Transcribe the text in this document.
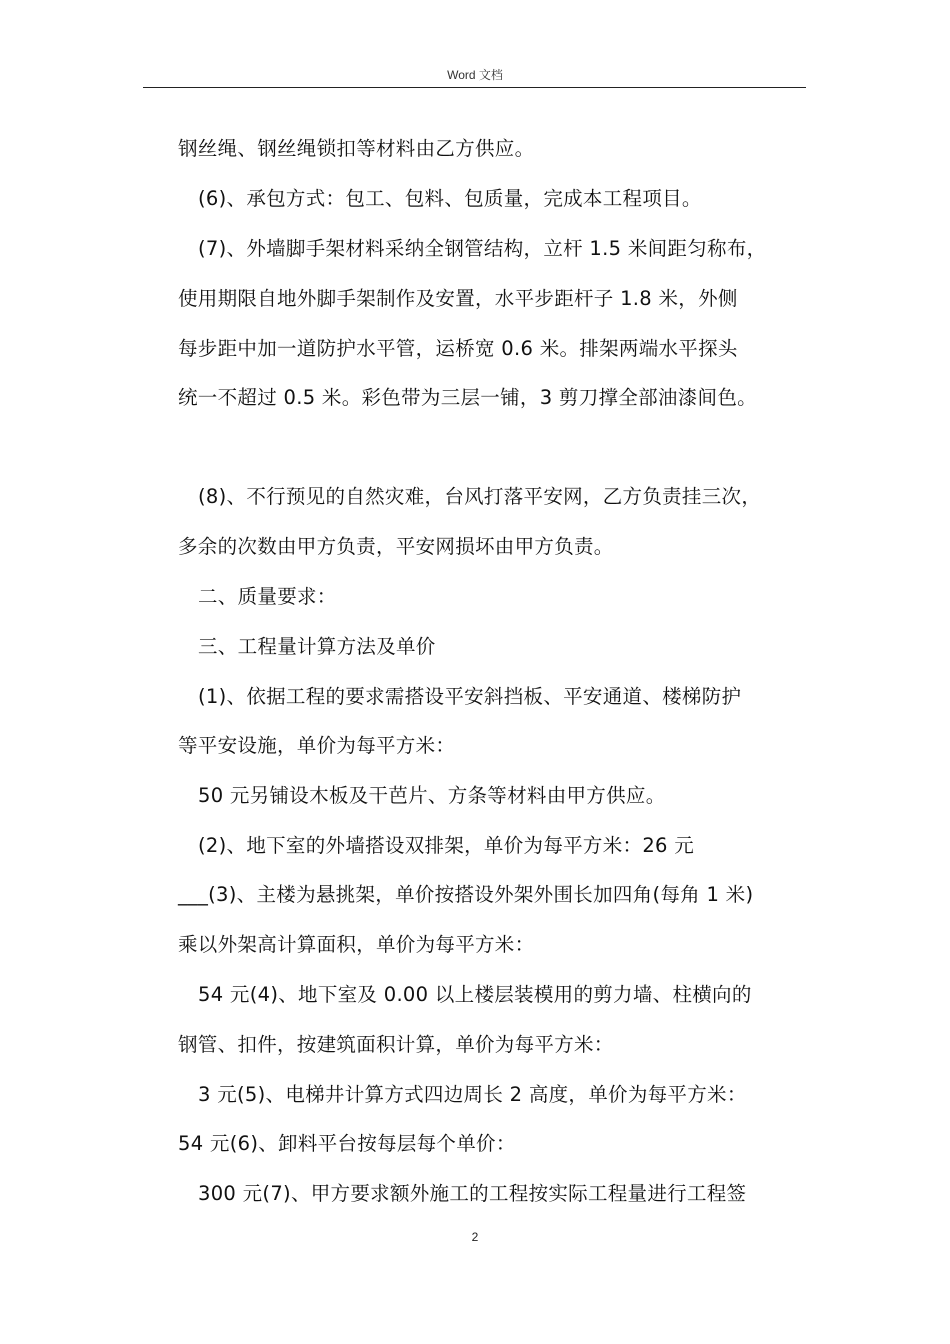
Word 文档
钢丝绳、钢丝绳锁扣等材料由乙方供应。
(6)、承包方式：包工、包料、包质量，完成本工程项目。
(7)、外墙脚手架材料采纳全钢管结构，立杆 1.5 米间距匀称布，
使用期限自地外脚手架制作及安置，水平步距杆子 1.8 米，外侧
每步距中加一道防护水平管，运桥宽 0.6 米。排架两端水平探头
统一不超过 0.5 米。彩色带为三层一铺，3 剪刀撑全部油漆间色。
(8)、不行预见的自然灾难，台风打落平安网，乙方负责挂三次，
多余的次数由甲方负责，平安网损坏由甲方负责。
二、质量要求：
三、工程量计算方法及单价
(1)、依据工程的要求需搭设平安斜挡板、平安通道、楼梯防护
等平安设施，单价为每平方米：
50 元另铺设木板及干芭片、方条等材料由甲方供应。
(2)、地下室的外墙搭设双排架，单价为每平方米：26 元
___(3)、主楼为悬挑架，单价按搭设外架外围长加四角(每角 1 米)
乘以外架高计算面积，单价为每平方米：
54 元(4)、地下室及 0.00 以上楼层装模用的剪力墙、柱横向的
钢管、扣件，按建筑面积计算，单价为每平方米：
3 元(5)、电梯井计算方式四边周长 2 高度，单价为每平方米：
54 元(6)、卸料平台按每层每个单价：
300 元(7)、甲方要求额外施工的工程按实际工程量进行工程签
2
